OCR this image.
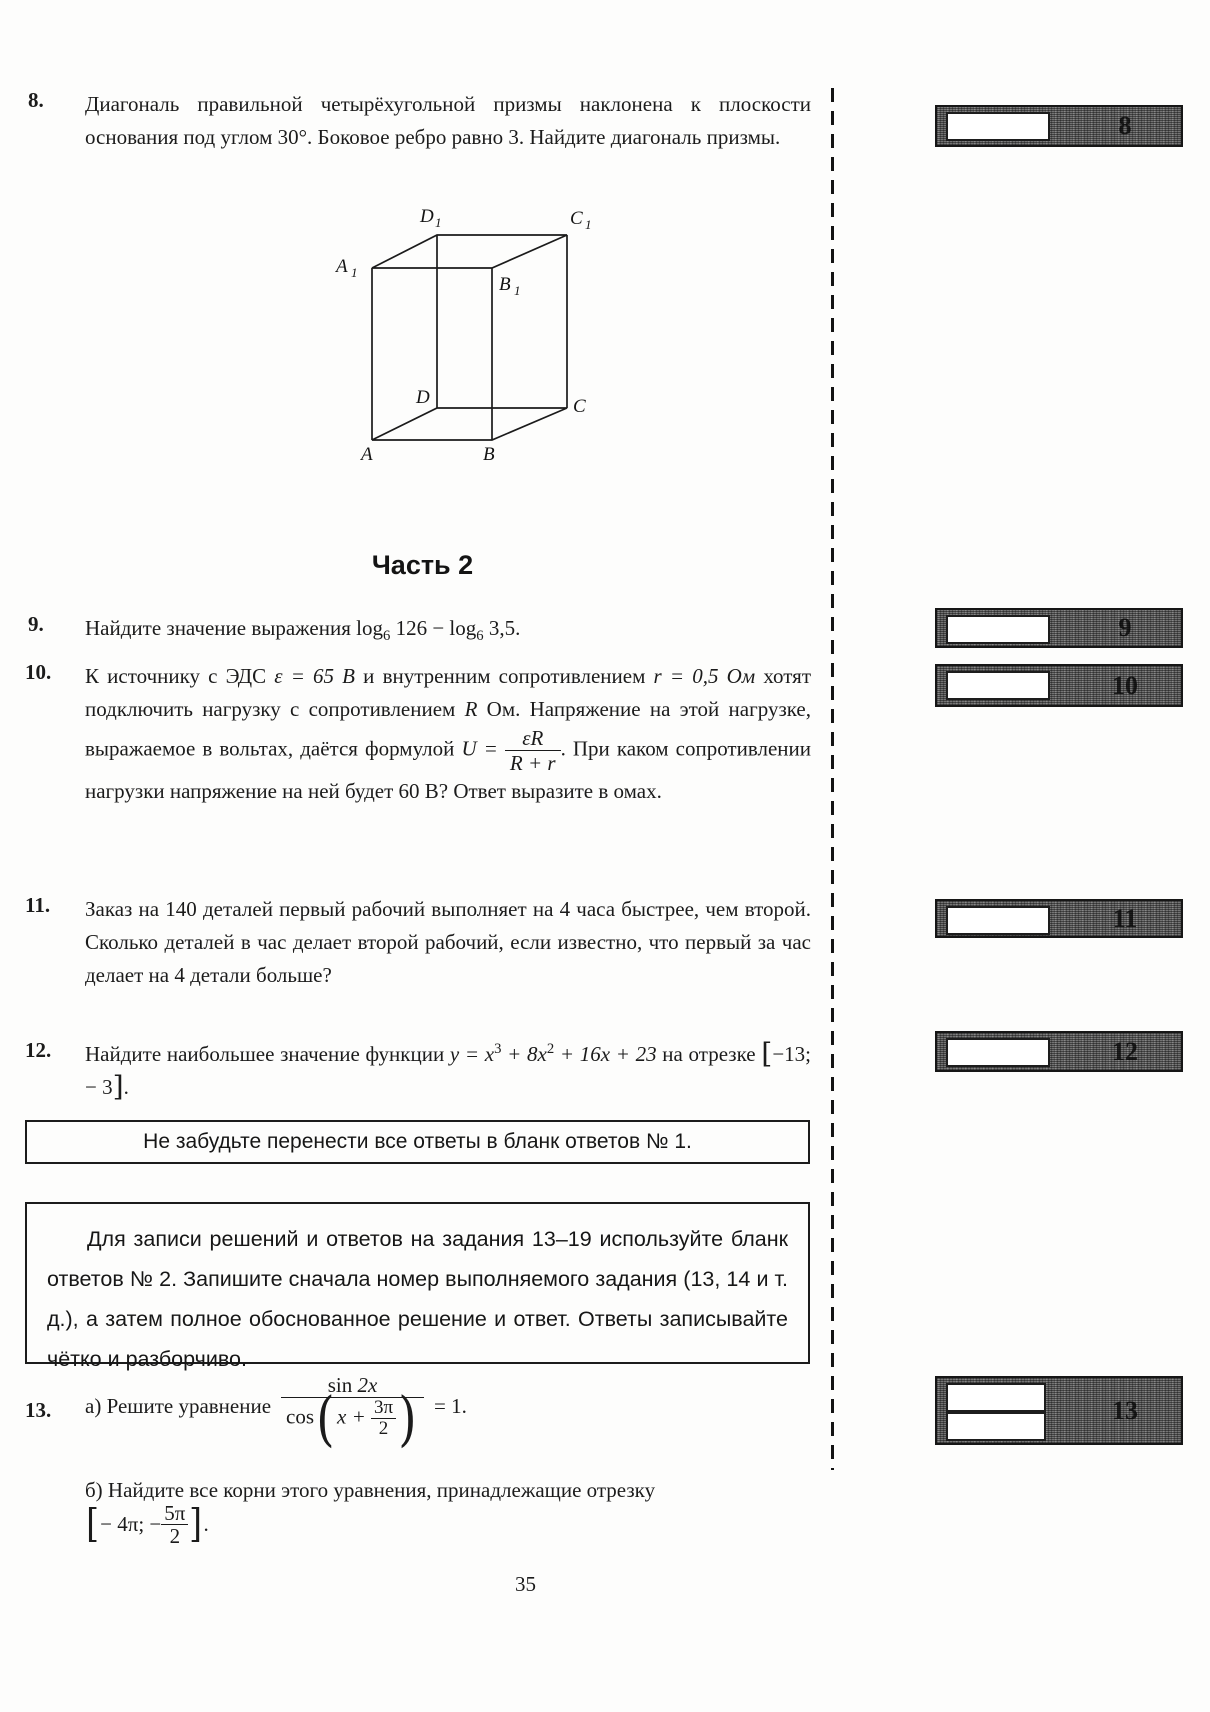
8. Диагональ правильной четырёхугольной призмы наклонена к плоскости основания под углом 30°. Боковое ребро равно 3. Найдите диагональ призмы.
D 1	C 1
A 1
B 1
D	C
A	B
Часть 2
9. Найдите значение выражения $\log_6 126 - \log_6 3,5$.
10. К источнику с ЭДС ε = 65 В и внутренним сопротивлением r = 0,5 Ом хотят подключить нагрузку с сопротивлением R Ом. Напряжение на этой нагрузке, выражаемое в вольтах, даётся формулой $U = \frac{\varepsilon R}{R + r}$ . При каком сопротивлении нагрузки напряжение на ней будет 60 В? Ответ выразите в омах.
11. Заказ на 140 деталей первый рабочий выполняет на 4 часа быстрее, чем второй. Сколько деталей в час делает второй рабочий, если известно, что первый за час делает на 4 детали больше?
12. Найдите наибольшее значение функции $y = x^3 + 8x^2 + 16x + 23$ на отрезке [−13; − 3].
Не забудьте перенести все ответы в бланк ответов № 1.
Для записи решений и ответов на задания 13–19 используйте бланк ответов № 2. Запишите сначала номер выполняемого задания (13, 14 и т. д.), а затем полное обоснованное решение и ответ. Ответы записывайте чётко и разборчиво.
13. а) Решите уравнение $\frac{\sin 2x}{\cos( x + \frac{3\pi}{2} )} = 1$.
б) Найдите все корни этого уравнения, принадлежащие отрезку
[ − 4π; − $\frac{5\pi}{2}$ ] .
35
8
9
10
11
12
13
